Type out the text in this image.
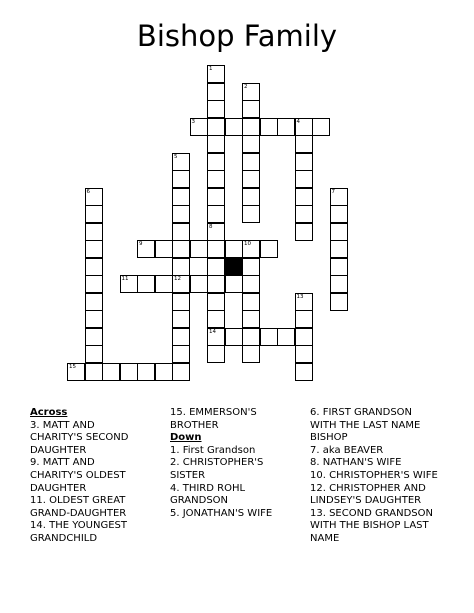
Bishop Family
1
2
3	4
5
12
6	7
8
14
9	10
11
13
15
Across
3. MATT AND
CHARITY'S SECOND
DAUGHTER
9. MATT AND
CHARITY'S OLDEST
DAUGHTER
11. OLDEST GREAT
GRAND-DAUGHTER
14. THE YOUNGEST
GRANDCHILD
15. EMMERSON'S
BROTHER
Down
1. First Grandson
2. CHRISTOPHER'S
SISTER
4. THIRD ROHL
GRANDSON
5. JONATHAN'S WIFE
6. FIRST GRANDSON
WITH THE LAST NAME
BISHOP
7. aka BEAVER
8. NATHAN'S WIFE
10. CHRISTOPHER'S WIFE
12. CHRISTOPHER AND
LINDSEY'S DAUGHTER
13. SECOND GRANDSON
WITH THE BISHOP LAST
NAME
